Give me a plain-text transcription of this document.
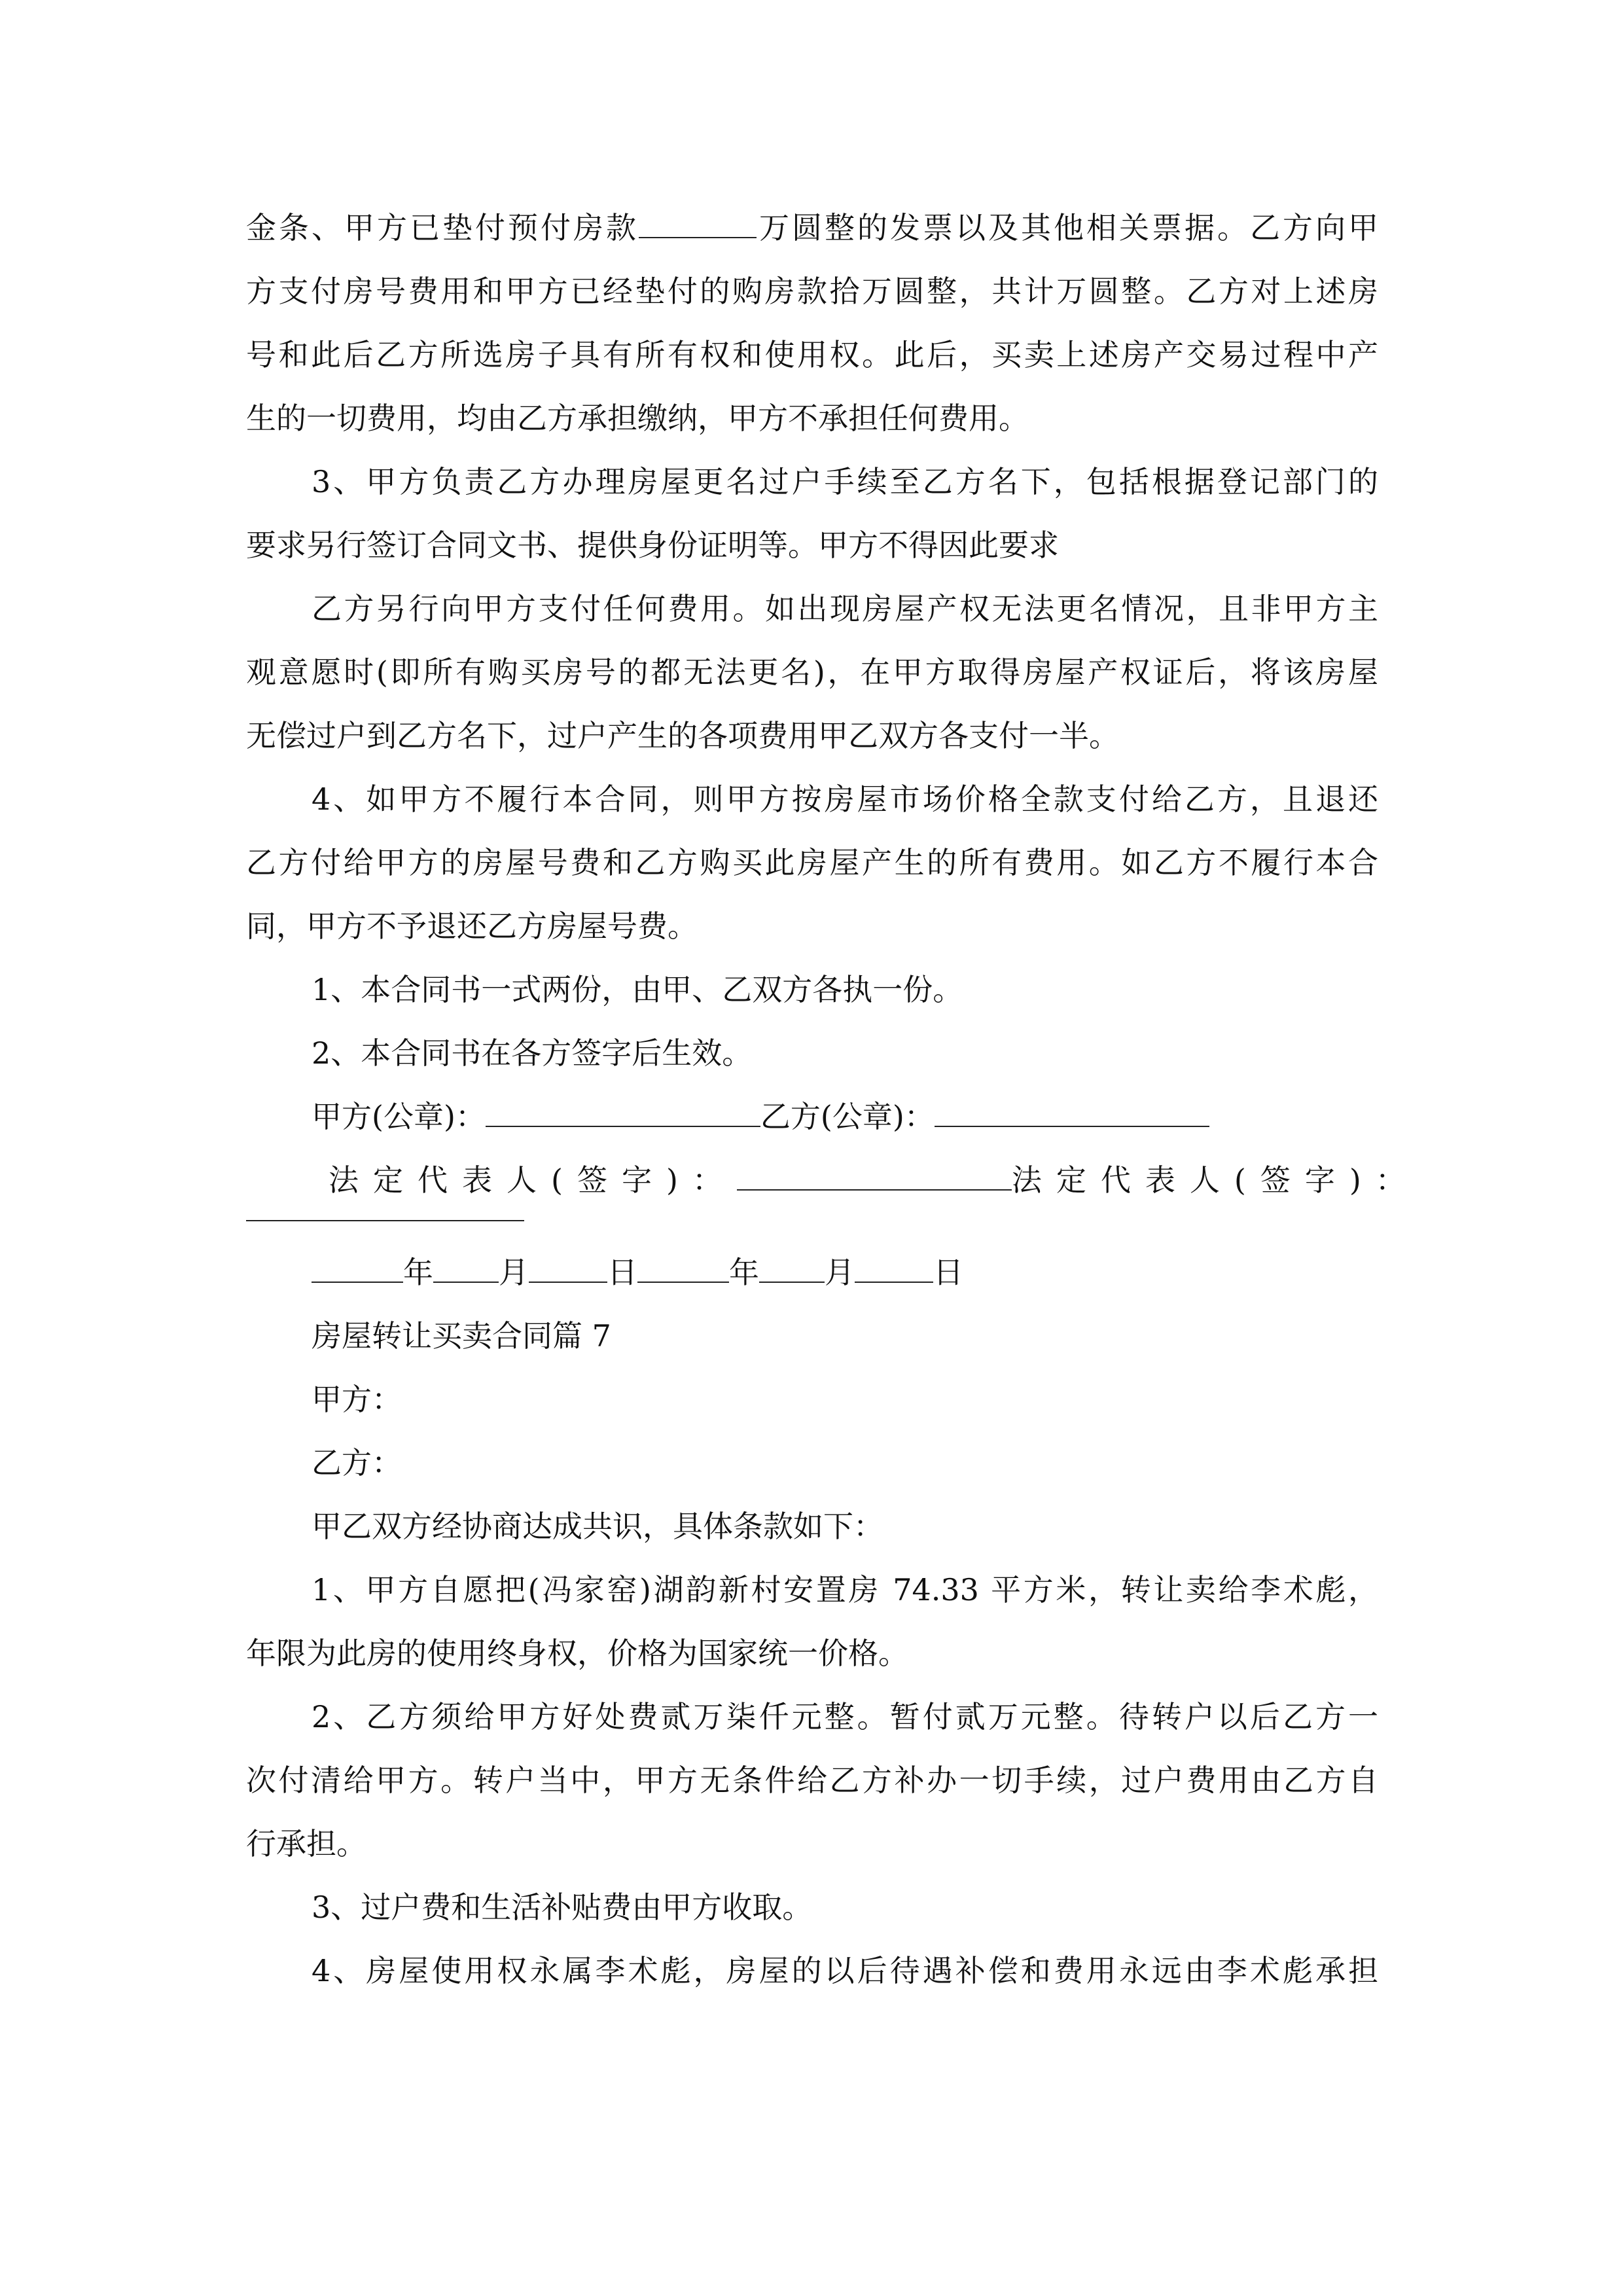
金条、甲方已垫付预付房款	万圆整的发票以及其他相关票据。乙方向甲

方支付房号费用和甲方已经垫付的购房款拾万圆整，共计万圆整。乙方对上述房

号和此后乙方所选房子具有所有权和使用权。此后，买卖上述房产交易过程中产

生的一切费用，均由乙方承担缴纳，甲方不承担任何费用。

3、甲方负责乙方办理房屋更名过户手续至乙方名下，包括根据登记部门的

要求另行签订合同文书、提供身份证明等。甲方不得因此要求

乙方另行向甲方支付任何费用。如出现房屋产权无法更名情况，且非甲方主

观意愿时(即所有购买房号的都无法更名)，在甲方取得房屋产权证后，将该房屋

无偿过户到乙方名下，过户产生的各项费用甲乙双方各支付一半。

4、如甲方不履行本合同，则甲方按房屋市场价格全款支付给乙方，且退还

乙方付给甲方的房屋号费和乙方购买此房屋产生的所有费用。如乙方不履行本合

同，甲方不予退还乙方房屋号费。

1、本合同书一式两份，由甲、乙双方各执一份。

2、本合同书在各方签字后生效。

甲方(公章)：	乙方(公章)：

法定代表人(签字)：	法定代表人(签字)：

年 月	日	年 月	日

房屋转让买卖合同篇 7

甲方：

乙方：

甲乙双方经协商达成共识，具体条款如下：

1、甲方自愿把(冯家窑)湖韵新村安置房 74.33 平方米，转让卖给李术彪，

年限为此房的使用终身权，价格为国家统一价格。

2、乙方须给甲方好处费贰万柒仟元整。暂付贰万元整。待转户以后乙方一

次付清给甲方。转户当中，甲方无条件给乙方补办一切手续，过户费用由乙方自

行承担。

3、过户费和生活补贴费由甲方收取。

4、房屋使用权永属李术彪，房屋的以后待遇补偿和费用永远由李术彪承担
